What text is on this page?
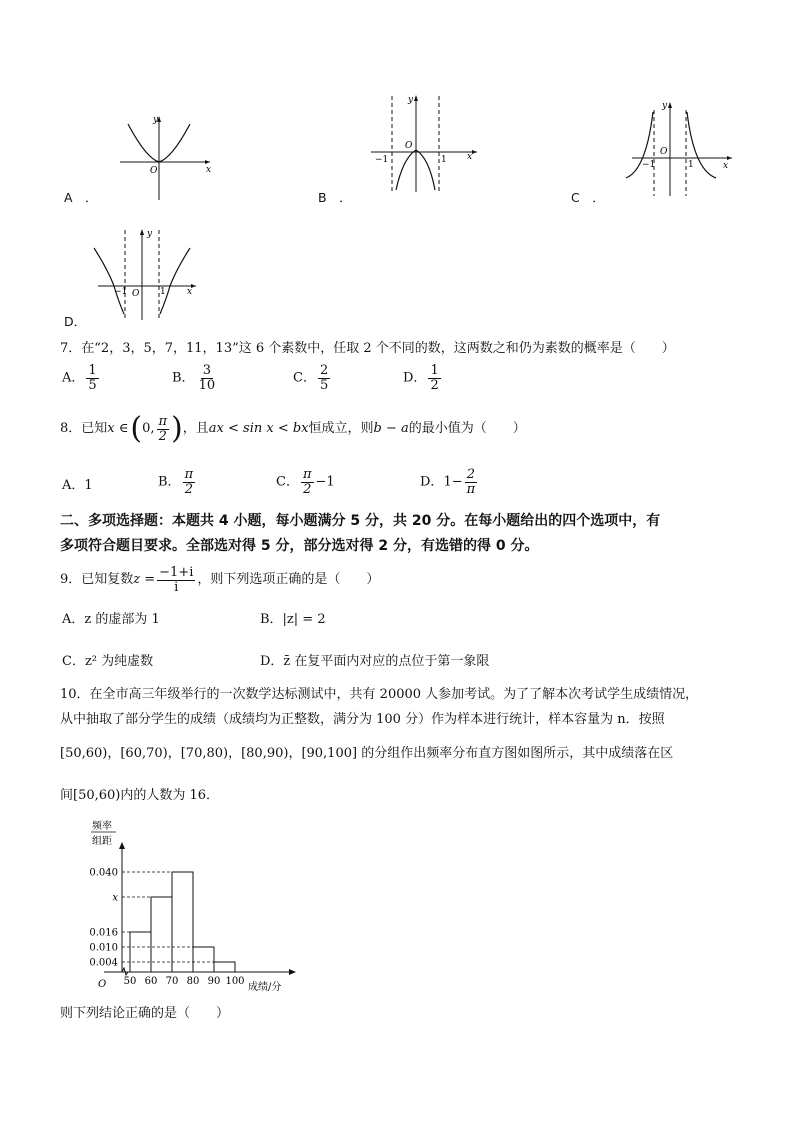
y
x
O
A　．
y
x
O
−1	1
B　．
y
x
O
−1	1
C　．
y
x
O
−1	1
D．
7．在“2，3，5，7，11，13”这 6 个素数中，任取 2 个不同的数，这两数之和仍为素数的概率是（　　）
A． $\frac{1}{5}$	B． $\frac{3}{10}$	C． $\frac{2}{5}$	D． $\frac{1}{2}$
8．已知 x ∈ ( 0, $\frac{\pi}{2}$ ) ，且 ax < sin x < bx 恒成立，则 b − a 的最小值为（　　）
A．1	B． $\frac{\pi}{2}$	C． $\frac{\pi}{2} -1$	D．$1- \frac{2}{\pi}$
二、多项选择题：本题共 4 小题，每小题满分 5 分，共 20 分。在每小题给出的四个选项中，有
多项符合题目要求。全部选对得 5 分，部分选对得 2 分，有选错的得 0 分。
9．已知复数 $z = \frac{-1+i}{i}$ ，则下列选项正确的是（　　）
A．z 的虚部为 1	B．|z| = 2
C．z² 为纯虚数	D．z̄ 在复平面内对应的点位于第一象限
10．在全市高三年级举行的一次数学达标测试中，共有 20000 人参加考试。为了了解本次考试学生成绩情况，
从中抽取了部分学生的成绩（成绩均为正整数，满分为 100 分）作为样本进行统计，样本容量为 n．按照
[50,60)，[60,70)，[70,80)，[80,90)，[90,100] 的分组作出频率分布直方图如图所示，其中成绩落在区
间[50,60)内的人数为 16．
频率
组距
O	成绩/分
50 60 70 80 90 100
0.040
x
0.016
0.010
0.004
则下列结论正确的是（　　）
